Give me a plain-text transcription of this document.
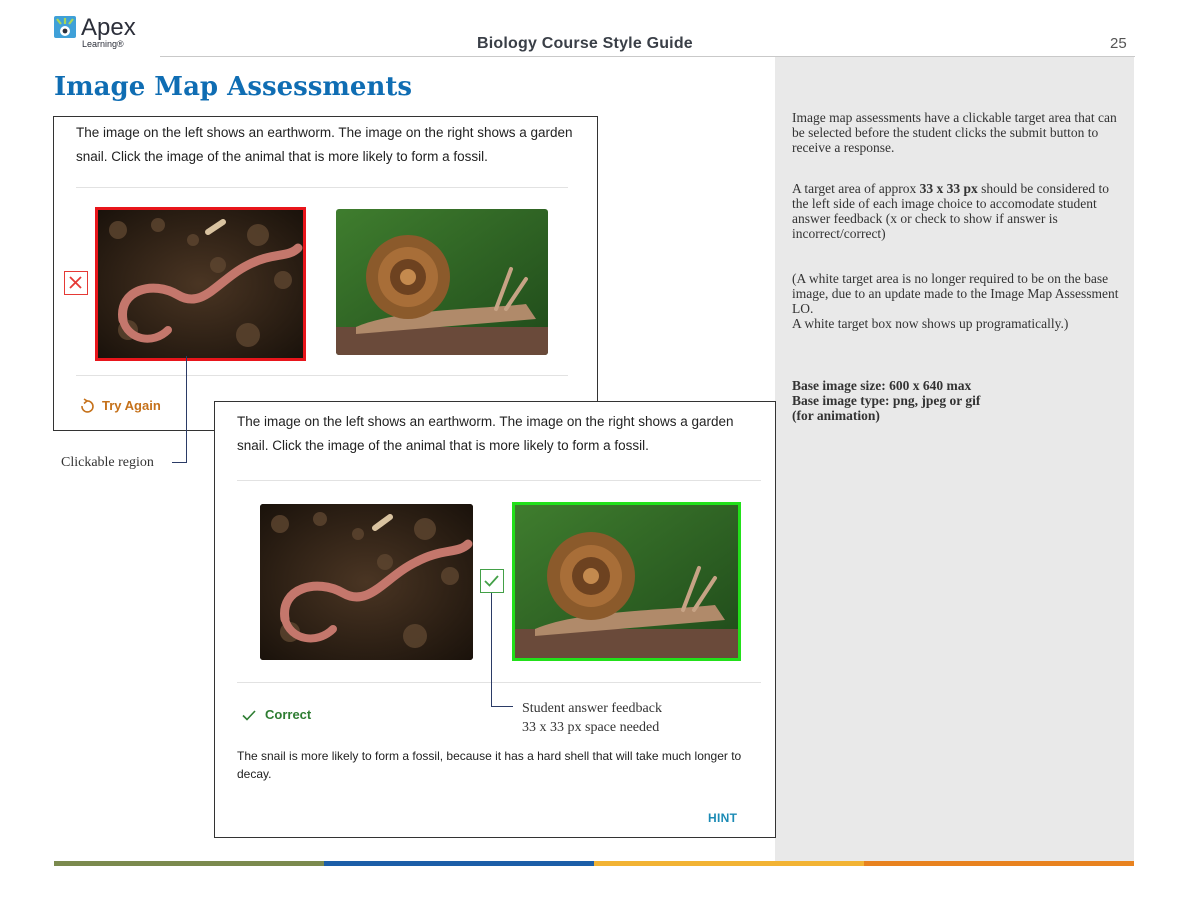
Apex
Learning®	Biology Course Style Guide	25
Image Map Assessments
Image map assessments have a clickable target area that can be selected before the student clicks the submit button to receive a response.
A target area of approx 33 x 33 px should be considered to the left side of each image choice to accomodate student answer feedback (x or check to show if answer is incorrect/correct)
(A white target area is no longer required to be on the base image, due to an update made to the Image Map Assessment LO.
A white target box now shows up programatically.)
Base image size: 600 x 640 max
Base image type: png, jpeg or gif
(for animation)
The image on the left shows an earthworm. The image on the right shows a garden snail. Click the image of the animal that is more likely to form a fossil.
Try Again
Clickable region
The image on the left shows an earthworm. The image on the right shows a garden snail. Click the image of the animal that is more likely to form a fossil.
Correct
The snail is more likely to form a fossil, because it has a hard shell that will take much longer to decay.
HINT
Student answer feedback
33 x 33 px space needed
